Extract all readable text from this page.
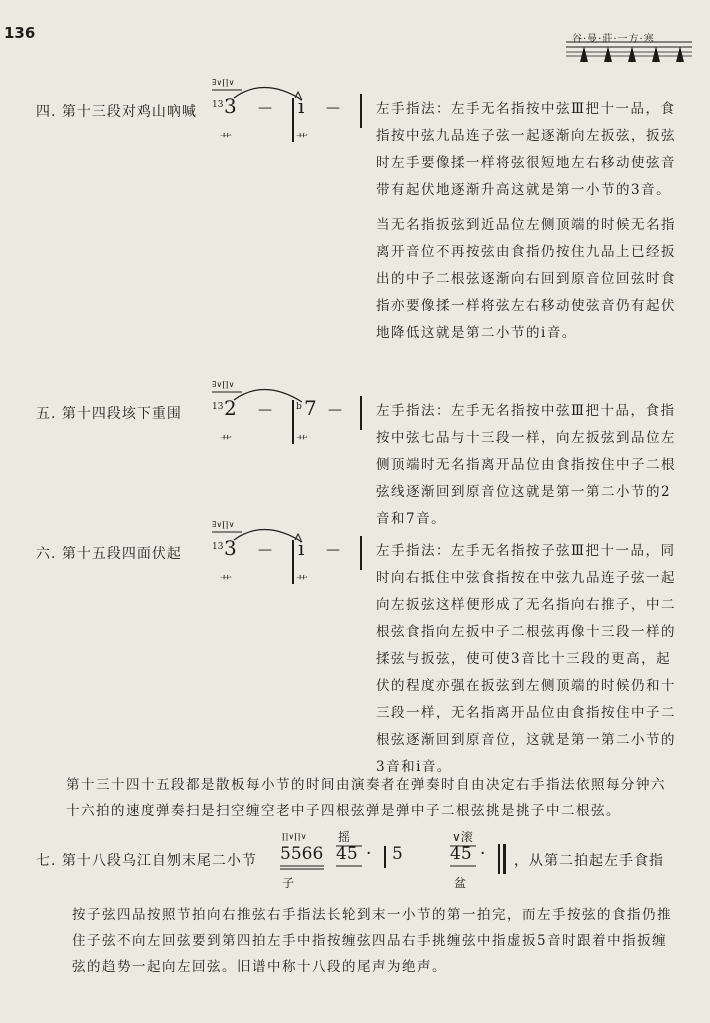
136	谷·曼·莊·一方·寒
四. 第十三段对鸡山吶喊
∃∨∏∨
13 3 — i —
艹	艹

左手指法：左手无名指按中弦Ⅲ把十一品，食指按中弦九品连子弦一起逐渐向左扳弦，扳弦时左手要像揉一样将弦很短地左右移动使弦音带有起伏地逐渐升高这就是第一小节的3音。

当无名指扳弦到近品位左侧顶端的时候无名指离开音位不再按弦由食指仍按住九品上已经扳出的中子二根弦逐渐向右回到原音位回弦时食指亦要像揉一样将弦左右移动使弦音仍有起伏地降低这就是第二小节的i音。

五. 第十四段垓下重围
∃∨∏∨
13 2 —	b 7 —
艹	艹

左手指法：左手无名指按中弦Ⅲ把十品，食指按中弦七品与十三段一样，向左扳弦到品位左侧顶端时无名指离开品位由食指按住中子二根弦线逐渐回到原音位这就是第一第二小节的2音和7音。

六. 第十五段四面伏起
∃∨∏∨
13 3 — i —
艹	艹

左手指法：左手无名指按子弦Ⅲ把十一品，同时向右抵住中弦食指按在中弦九品连子弦一起向左扳弦这样便形成了无名指向右推子，中二根弦食指向左扳中子二根弦再像十三段一样的揉弦与扳弦，使可使3音比十三段的更高，起伏的程度亦强在扳弦到左侧顶端的时候仍和十三段一样，无名指离开品位由食指按住中子二根弦逐渐回到原音位，这就是第一第二小节的3音和i音。

第十三十四十五段都是散板每小节的时间由演奏者在弹奏时自由决定右手指法依照每分钟六十六拍的速度弹奏扫是扫空缠空老中子四根弦弹是弹中子二根弦挑是挑子中二根弦。
七. 第十八段乌江自刎末尾二小节
∏∨∏∨
5566
摇
45 · 5
∨滚
45 ·
子	盆
，从第二拍起左手食指
按子弦四品按照节拍向右推弦右手指法长轮到末一小节的第一拍完，而左手按弦的食指仍推住子弦不向左回弦要到第四拍左手中指按缠弦四品右手挑缠弦中指虚扳5音时跟着中指扳缠弦的趋势一起向左回弦。旧谱中称十八段的尾声为绝声。
